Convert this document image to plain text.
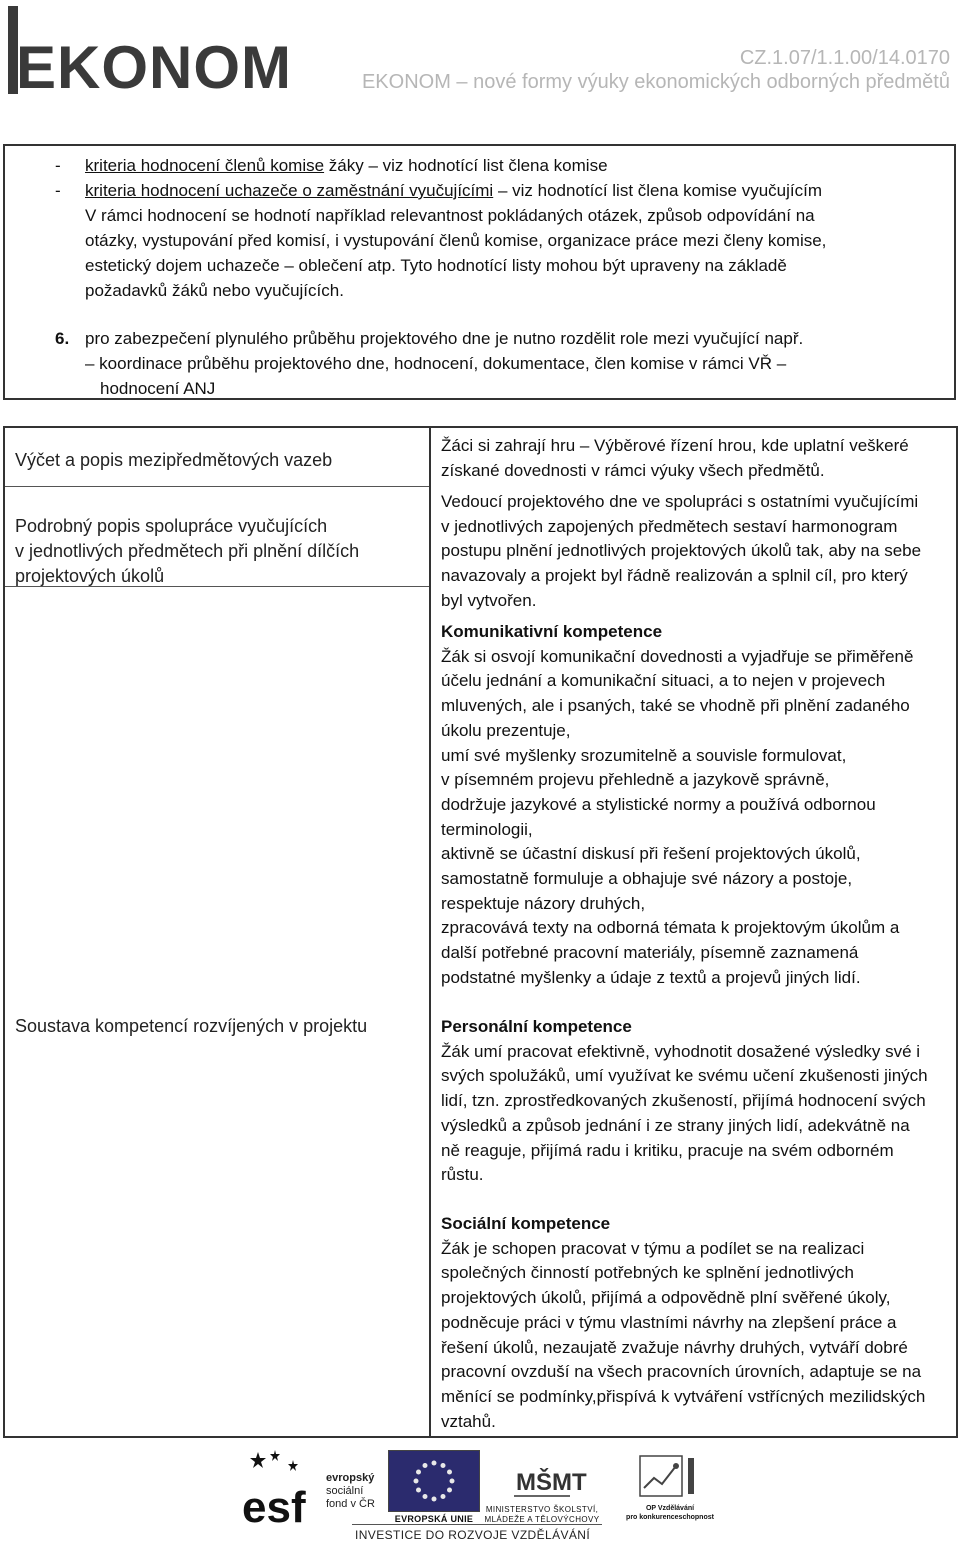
EKONOM	CZ.1.07/1.1.00/14.0170
EKONOM – nové formy výuky ekonomických odborných předmětů
- kriteria hodnocení členů komise žáky – viz hodnotící list člena komise
- kriteria hodnocení uchazeče o zaměstnání vyučujícími – viz hodnotící list člena komise vyučujícím
V rámci hodnocení se hodnotí například relevantnost pokládaných otázek, způsob odpovídání na
otázky, vystupování před komisí, i vystupování členů komise, organizace práce mezi členy komise,
estetický dojem uchazeče – oblečení atp. Tyto hodnotící listy mohou být upraveny na základě
požadavků žáků nebo vyučujících.
6. pro zabezpečení plynulého průběhu projektového dne je nutno rozdělit role mezi vyučující např.
– koordinace průběhu projektového dne, hodnocení, dokumentace, člen komise v rámci VŘ –
hodnocení ANJ
Výčet a popis mezipředmětových vazeb
Podrobný popis spolupráce vyučujících
v jednotlivých předmětech při plnění dílčích
projektových úkolů
Soustava kompetencí rozvíjených v projektu

Žáci si zahrají hru – Výběrové řízení hrou, kde uplatní veškeré

získané dovednosti v rámci výuky všech předmětů.

Vedoucí projektového dne ve spolupráci s ostatními vyučujícími

v jednotlivých zapojených předmětech sestaví harmonogram

postupu plnění jednotlivých projektových úkolů tak, aby na sebe

navazovaly a projekt byl řádně realizován a splnil cíl, pro který

byl vytvořen.

Komunikativní kompetence

Žák si osvojí komunikační dovednosti a vyjadřuje se přiměřeně

účelu jednání a komunikační situaci, a to nejen v projevech

mluvených, ale i psaných, také se vhodně při plnění zadaného

úkolu prezentuje,

umí své myšlenky srozumitelně a souvisle formulovat,

v písemném projevu přehledně a jazykově správně,

dodržuje jazykové a stylistické normy a používá odbornou

terminologii,

aktivně se účastní diskusí při řešení projektových úkolů,

samostatně formuluje a obhajuje své názory a postoje,

respektuje názory druhých,

zpracovává texty na odborná témata k projektovým úkolům a

další potřebné pracovní materiály, písemně zaznamená

podstatné myšlenky a údaje z textů a projevů jiných lidí.

Personální kompetence

Žák umí pracovat efektivně, vyhodnotit dosažené výsledky své i

svých spolužáků, umí využívat ke svému učení zkušenosti jiných

lidí, tzn. zprostředkovaných zkušeností, přijímá hodnocení svých

výsledků a způsob jednání i ze strany jiných lidí, adekvátně na

ně reaguje, přijímá radu i kritiku, pracuje na svém odborném

růstu.

Sociální kompetence

Žák je schopen pracovat v týmu a podílet se na realizaci

společných činností potřebných ke splnění jednotlivých

projektových úkolů, přijímá a odpovědně plní svěřené úkoly,

podněcuje práci v týmu vlastními návrhy na zlepšení práce a

řešení úkolů, nezaujatě zvažuje návrhy druhých, vytváří dobré

pracovní ovzduší na všech pracovních úrovních, adaptuje se na

měnící se podmínky,přispívá k vytváření vstřícných mezilidských

vztahů.

esf
evropský
sociální
fond v ČR
EVROPSKÁ UNIE
MŠMT
MINISTERSTVO ŠKOLSTVÍ,
MLÁDEŽE A TĚLOVÝCHOVY
OP Vzdělávání
pro konkurenceschopnost
INVESTICE DO ROZVOJE VZDĚLÁVÁNÍ
